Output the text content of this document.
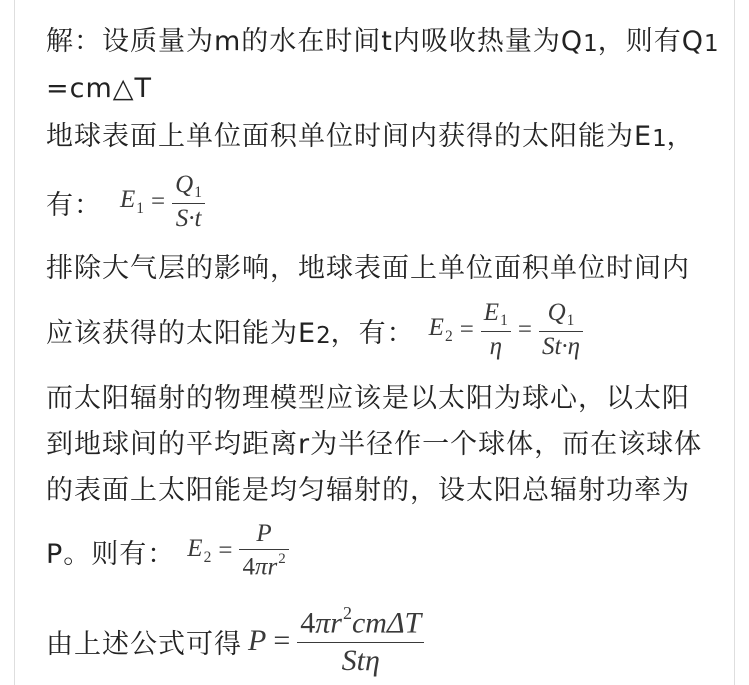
解：设质量为m的水在时间t内吸收热量为Q 1 ，则有Q 1
=cm△T
地球表面上单位面积单位时间内获得的太阳能为E 1 ，
有： $E_1 = \frac{Q_1}{S\cdot t}$
排除大气层的影响，地球表面上单位面积单位时间内
应该获得的太阳能为E 2 ，有： $E_2 = \frac{E_1}{\eta} = \frac{Q_1}{St\cdot\eta}$
而太阳辐射的物理模型应该是以太阳为球心，以太阳
到地球间的平均距离r为半径作一个球体，而在该球体
的表面上太阳能是均匀辐射的，设太阳总辐射功率为
P。则有： $E_2 = \frac{P}{4\pi r^2}$
由上述公式可得 $P = \frac{4\pi r^2cm\Delta T}{\text{Stη}}$
